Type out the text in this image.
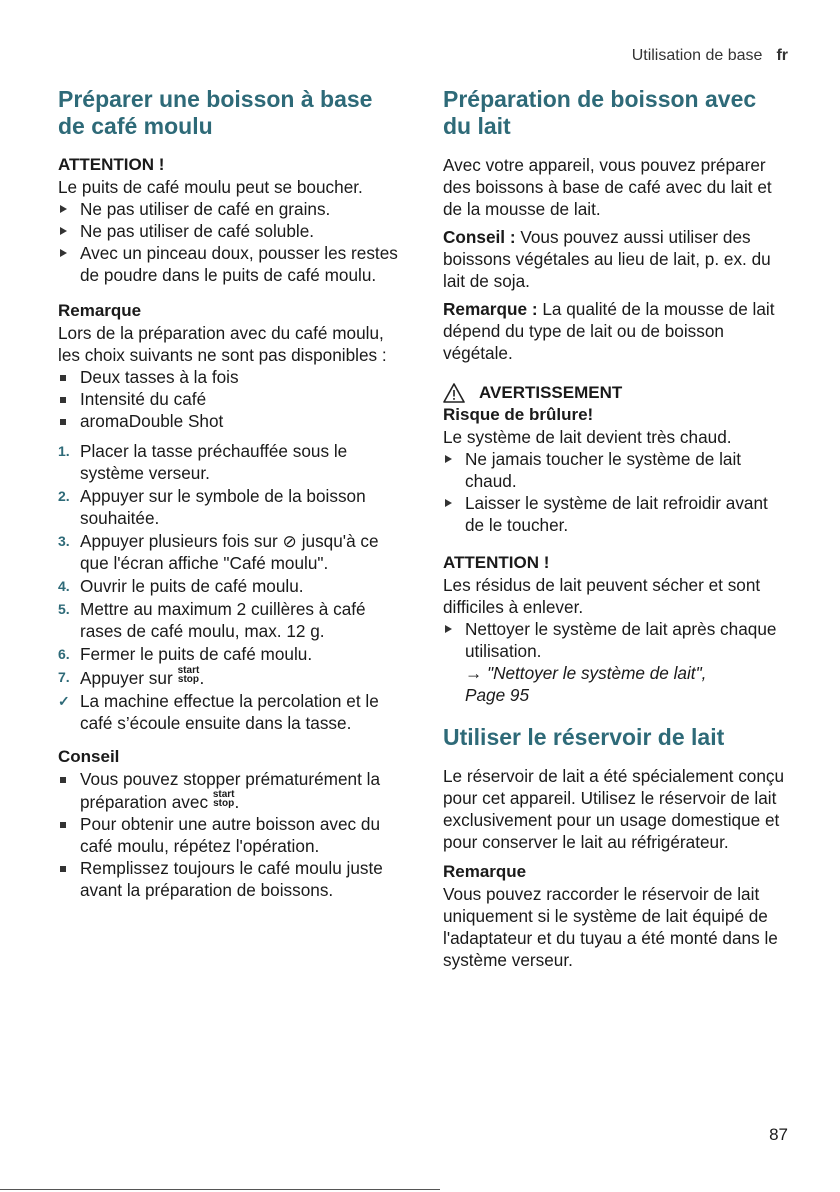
Utilisation de base fr
Préparer une boisson à base
de café moulu
ATTENTION !

Le puits de café moulu peut se boucher.

Ne pas utiliser de café en grains.
Ne pas utiliser de café soluble.
Avec un pinceau doux, pousser les restes de poudre dans le puits de café moulu.
Remarque

Lors de la préparation avec du café moulu, les choix suivants ne sont pas disponibles :

Deux tasses à la fois
Intensité du café
aromaDouble Shot
1. Placer la tasse préchauffée sous le système verseur.
2. Appuyer sur le symbole de la boisson souhaitée.
3. Appuyer plusieurs fois sur ⊘ jusqu'à ce que l'écran affiche "Café moulu".
4. Ouvrir le puits de café moulu.
5. Mettre au maximum 2 cuillères à café rases de café moulu, max. 12 g.
6. Fermer le puits de café moulu.
7. Appuyer sur start stop.
✓ La machine effectue la percolation et le café s’écoule ensuite dans la tasse.
Conseil
Vous pouvez stopper prématurément la préparation avec start
stop.
Pour obtenir une autre boisson avec du café moulu, répétez l'opération.
Remplissez toujours le café moulu juste avant la préparation de boissons.
Préparation de boisson avec
du lait

Avec votre appareil, vous pouvez préparer des boissons à base de café avec du lait et de la mousse de lait.

Conseil : Vous pouvez aussi utiliser des boissons végétales au lieu de lait, p. ex. du lait de soja.

Remarque : La qualité de la mousse de lait dépend du type de lait ou de boisson végétale.

AVERTISSEMENT
Risque de brûlure!

Le système de lait devient très chaud.

Ne jamais toucher le système de lait chaud.
Laisser le système de lait refroidir avant de le toucher.
ATTENTION !

Les résidus de lait peuvent sécher et sont difficiles à enlever.

Nettoyer le système de lait après chaque utilisation.
→ "Nettoyer le système de lait",
Page 95
Utiliser le réservoir de lait

Le réservoir de lait a été spécialement conçu pour cet appareil. Utilisez le réservoir de lait exclusivement pour un usage domestique et pour conserver le lait au réfrigérateur.

Remarque

Vous pouvez raccorder le réservoir de lait uniquement si le système de lait équipé de l'adaptateur et du tuyau a été monté dans le système verseur.

87
